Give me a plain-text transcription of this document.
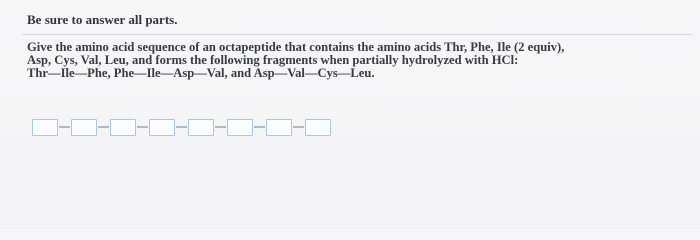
Be sure to answer all parts.

Give the amino acid sequence of an octapeptide that contains the amino acids Thr, Phe, Ile (2 equiv),
Asp, Cys, Val, Leu, and forms the following fragments when partially hydrolyzed with HCl:
Thr—Ile—Phe, Phe—Ile—Asp—Val, and Asp—Val—Cys—Leu.
